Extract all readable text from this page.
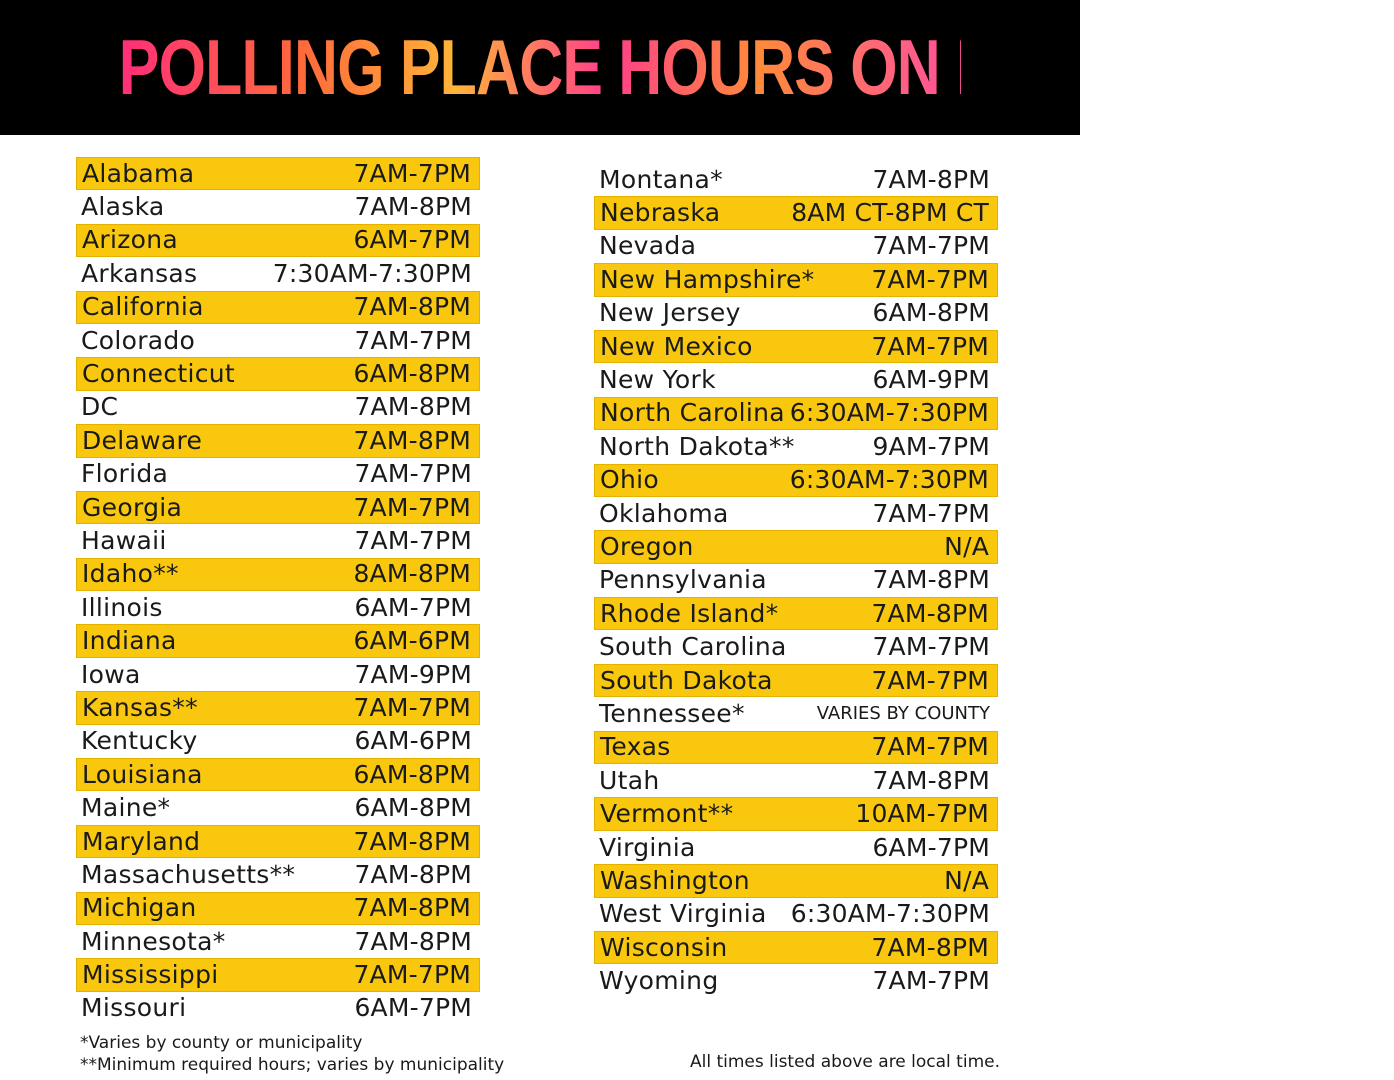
POLLING PLACE HOURS ON ELECTION DAY
Alabama	7AM-7PM
Alaska	7AM-8PM
Arizona	6AM-7PM
Arkansas	7:30AM-7:30PM
California	7AM-8PM
Colorado	7AM-7PM
Connecticut	6AM-8PM
DC	7AM-8PM
Delaware	7AM-8PM
Florida	7AM-7PM
Georgia	7AM-7PM
Hawaii	7AM-7PM
Idaho**	8AM-8PM
Illinois	6AM-7PM
Indiana	6AM-6PM
Iowa	7AM-9PM
Kansas**	7AM-7PM
Kentucky	6AM-6PM
Louisiana	6AM-8PM
Maine*	6AM-8PM
Maryland	7AM-8PM
Massachusetts** 7AM-8PM
Michigan	7AM-8PM
Minnesota*	7AM-8PM
Mississippi	7AM-7PM
Missouri	6AM-7PM
Montana*	7AM-8PM
Nebraska	8AM CT-8PM CT
Nevada	7AM-7PM
New Hampshire* 7AM-7PM
New Jersey	6AM-8PM
New Mexico	7AM-7PM
New York	6AM-9PM
North Carolina 6:30AM-7:30PM
North Dakota**	9AM-7PM
Ohio	6:30AM-7:30PM
Oklahoma	7AM-7PM
Oregon	N/A
Pennsylvania	7AM-8PM
Rhode Island*	7AM-8PM
South Carolina	7AM-7PM
South Dakota	7AM-7PM
Tennessee*	VARIES BY COUNTY
Texas	7AM-7PM
Utah	7AM-8PM
Vermont**	10AM-7PM
Virginia	6AM-7PM
Washington	N/A
West Virginia 6:30AM-7:30PM
Wisconsin	7AM-8PM
Wyoming	7AM-7PM
*Varies by county or municipality
**Minimum required hours; varies by municipality	All times listed above are local time.
